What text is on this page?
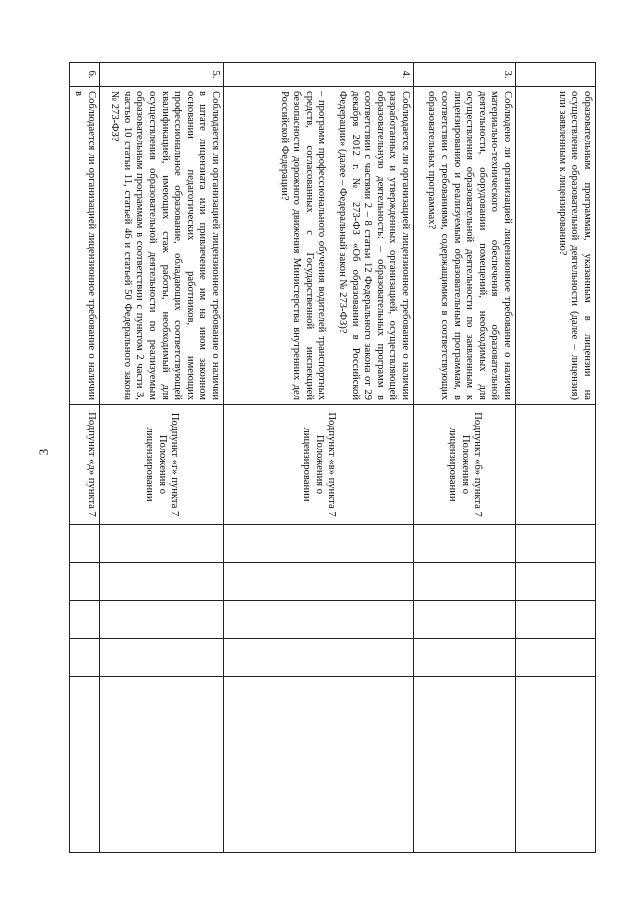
3

	образовательным программам, указанным в лицензии на осуществление образовательной деятельности (далее – лицензия) или заявленным к лицензированию?						

3.	Соблюдено ли организацией лицензионное требование о наличии материально-технического обеспечения образовательной деятельности, оборудовании помещений, необходимых для осуществления образовательной деятельности по заявленным к лицензированию и реализуемым образовательным программам, в соответствии с требованиями, содержащимися в соответствующих образовательных программах?	Подпункт «б» пункта 7 Положения о лицензировании					
4.	Соблюдается ли организацией лицензионное требование о наличии разработанных и утвержденных организацией, осуществляющей образовательную деятельность: – образовательных программ в соответствии с частями 2 – 8 статьи 12 Федерального закона от 29 декабря 2012 г. № 273-ФЗ «Об образовании в Российской Федерации» (далее – Федеральный закон № 273-ФЗ)?

– программ профессионального обучения водителей транспортных средств, согласованных с Государственной инспекцией безопасности дорожного движения Министерства внутренних дел Российской Федерации?	Подпункт «в» пункта 7 Положения о лицензировании					
5.	Соблюдается ли организацией лицензионное требование о наличии в штате лицензиата или привлечение им на ином законном основании педагогических работников, имеющих профессиональное образование, обладающих соответствующей квалификацией, имеющих стаж работы, необходимый для осуществления образовательной деятельности по реализуемым образовательным программам в соответствии с пунктом 2 части 3, частью 10 статьи 11, статьей 46 и статьей 50 Федерального закона № 273-ФЗ?	Подпункт «г» пункта 7 Положения о лицензировании					
6.	Соблюдается ли организацией лицензионное требование о наличии в	Подпункт «д» пункта 7					
